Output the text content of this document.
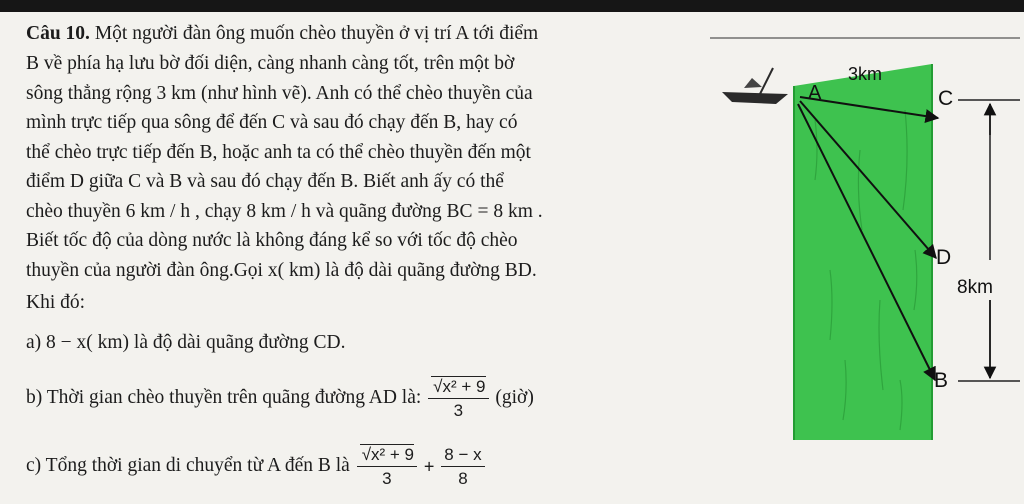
Câu 10. Một người đàn ông muốn chèo thuyền ở vị trí A tới điểm
B về phía hạ lưu bờ đối diện, càng nhanh càng tốt, trên một bờ
sông thẳng rộng 3 km (như hình vẽ). Anh có thể chèo thuyền của
mình trực tiếp qua sông để đến C và sau đó chạy đến B, hay có
thể chèo trực tiếp đến B, hoặc anh ta có thể chèo thuyền đến một
điểm D giữa C và B và sau đó chạy đến B. Biết anh ấy có thể
chèo thuyền 6 km / h , chạy 8 km / h và quãng đường BC = 8 km .
Biết tốc độ của dòng nước là không đáng kể so với tốc độ chèo
thuyền của người đàn ông.Gọi x( km) là độ dài quãng đường BD.
Khi đó:
a) 8 − x( km) là độ dài quãng đường CD.
b) Thời gian chèo thuyền trên quãng đường AD là: $\frac{\text{√x² + 9}}{3}$ (giờ)
c) Tổng thời gian di chuyển từ A đến B là $\frac{\text{√x² + 9}}{3} + \frac{8 - x}{8}$
A
3km
C
D
B
8km
